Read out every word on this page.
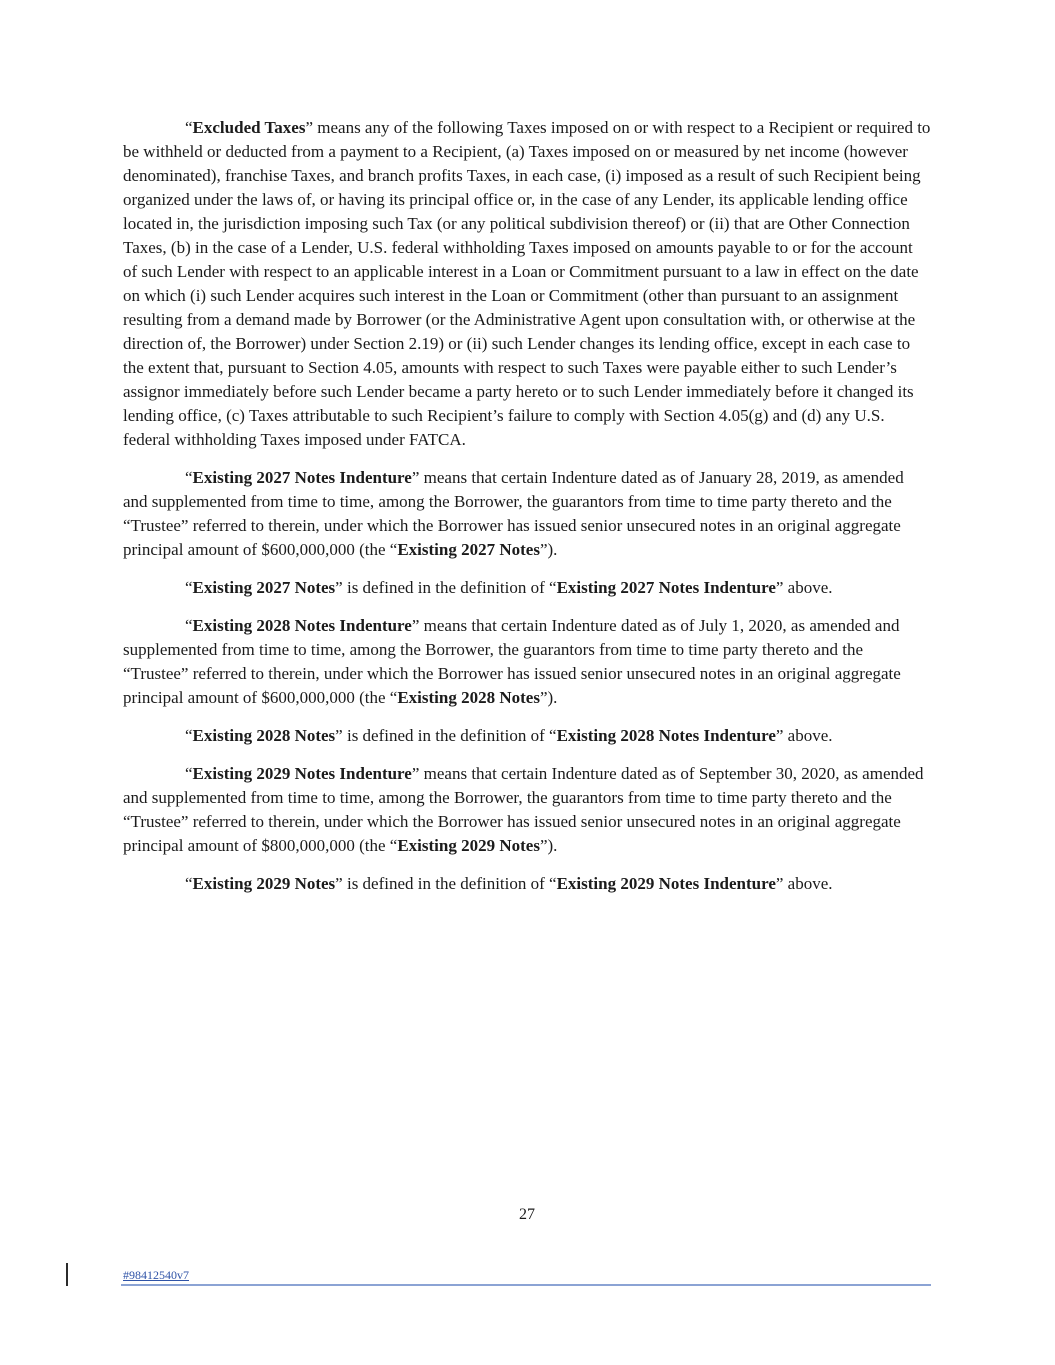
“Excluded Taxes” means any of the following Taxes imposed on or with respect to a Recipient or required to be withheld or deducted from a payment to a Recipient, (a) Taxes imposed on or measured by net income (however denominated), franchise Taxes, and branch profits Taxes, in each case, (i) imposed as a result of such Recipient being organized under the laws of, or having its principal office or, in the case of any Lender, its applicable lending office located in, the jurisdiction imposing such Tax (or any political subdivision thereof) or (ii) that are Other Connection Taxes, (b) in the case of a Lender, U.S. federal withholding Taxes imposed on amounts payable to or for the account of such Lender with respect to an applicable interest in a Loan or Commitment pursuant to a law in effect on the date on which (i) such Lender acquires such interest in the Loan or Commitment (other than pursuant to an assignment resulting from a demand made by Borrower (or the Administrative Agent upon consultation with, or otherwise at the direction of, the Borrower) under Section 2.19) or (ii) such Lender changes its lending office, except in each case to the extent that, pursuant to Section 4.05, amounts with respect to such Taxes were payable either to such Lender’s assignor immediately before such Lender became a party hereto or to such Lender immediately before it changed its lending office, (c) Taxes attributable to such Recipient’s failure to comply with Section 4.05(g) and (d) any U.S. federal withholding Taxes imposed under FATCA.

“Existing 2027 Notes Indenture” means that certain Indenture dated as of January 28, 2019, as amended and supplemented from time to time, among the Borrower, the guarantors from time to time party thereto and the “Trustee” referred to therein, under which the Borrower has issued senior unsecured notes in an original aggregate principal amount of $600,000,000 (the “Existing 2027 Notes”).

“Existing 2027 Notes” is defined in the definition of “Existing 2027 Notes Indenture” above.

“Existing 2028 Notes Indenture” means that certain Indenture dated as of July 1, 2020, as amended and supplemented from time to time, among the Borrower, the guarantors from time to time party thereto and the “Trustee” referred to therein, under which the Borrower has issued senior unsecured notes in an original aggregate principal amount of $600,000,000 (the “Existing 2028 Notes”).

“Existing 2028 Notes” is defined in the definition of “Existing 2028 Notes Indenture” above.

“Existing 2029 Notes Indenture” means that certain Indenture dated as of September 30, 2020, as amended and supplemented from time to time, among the Borrower, the guarantors from time to time party thereto and the “Trustee” referred to therein, under which the Borrower has issued senior unsecured notes in an original aggregate principal amount of $800,000,000 (the “Existing 2029 Notes”).

“Existing 2029 Notes” is defined in the definition of “Existing 2029 Notes Indenture” above.

27
#98412540v7
